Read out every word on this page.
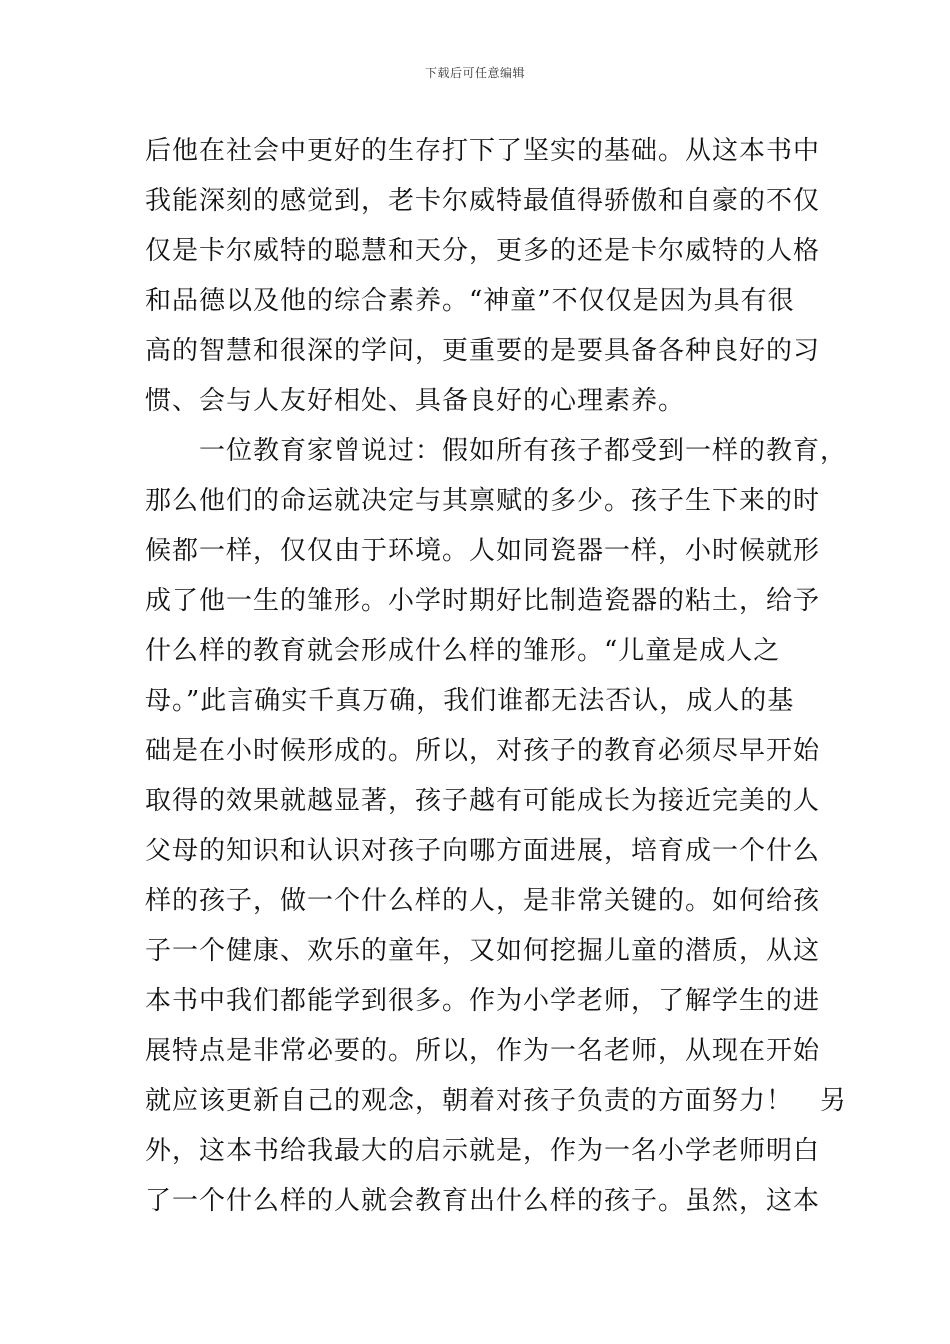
下载后可任意编辑
后他在社会中更好的生存打下了坚实的基础。从这本书中
我能深刻的感觉到，老卡尔威特最值得骄傲和自豪的不仅
仅是卡尔威特的聪慧和天分，更多的还是卡尔威特的人格
和品德以及他的综合素养。“神童”不仅仅是因为具有很
高的智慧和很深的学问，更重要的是要具备各种良好的习
惯、会与人友好相处、具备良好的心理素养。
一位教育家曾说过：假如所有孩子都受到一样的教育，
那么他们的命运就决定与其禀赋的多少。孩子生下来的时
候都一样，仅仅由于环境。人如同瓷器一样，小时候就形
成了他一生的雏形。小学时期好比制造瓷器的粘土，给予
什么样的教育就会形成什么样的雏形。“儿童是成人之
母。”此言确实千真万确，我们谁都无法否认，成人的基
础是在小时候形成的。所以，对孩子的教育必须尽早开始
取得的效果就越显著，孩子越有可能成长为接近完美的人
父母的知识和认识对孩子向哪方面进展，培育成一个什么
样的孩子，做一个什么样的人，是非常关键的。如何给孩
子一个健康、欢乐的童年，又如何挖掘儿童的潜质，从这
本书中我们都能学到很多。作为小学老师，了解学生的进
展特点是非常必要的。所以，作为一名老师，从现在开始
就应该更新自己的观念，朝着对孩子负责的方面努力！　另
外，这本书给我最大的启示就是，作为一名小学老师明白
了一个什么样的人就会教育出什么样的孩子。虽然，这本
